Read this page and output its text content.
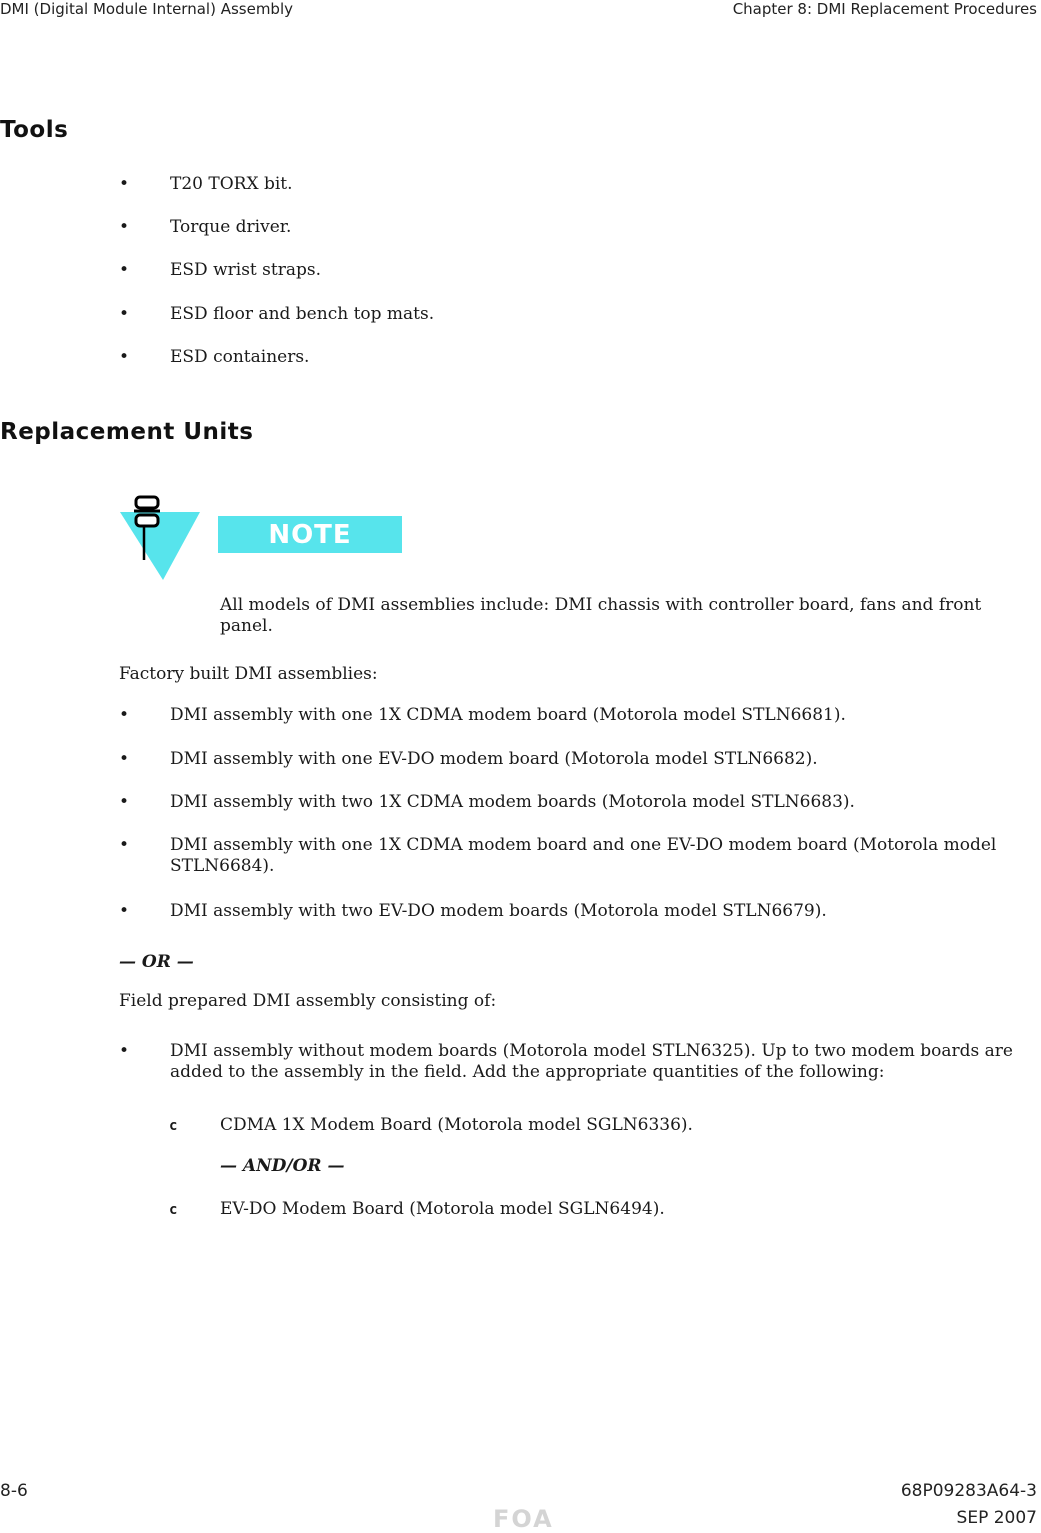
DMI (Digital Module Internal) Assembly	Chapter 8: DMI Replacement Procedures
Tools
• T20 TORX bit.
• Torque driver.
• ESD wrist straps.
• ESD floor and bench top mats.
• ESD containers.
Replacement Units
NOTE
All models of DMI assemblies include: DMI chassis with controller board, fans and front panel.
Factory built DMI assemblies:
• DMI assembly with one 1X CDMA modem board (Motorola model STLN6681).
• DMI assembly with one EV-DO modem board (Motorola model STLN6682).
• DMI assembly with two 1X CDMA modem boards (Motorola model STLN6683).
• DMI assembly with one 1X CDMA modem board and one EV-DO modem board (Motorola model STLN6684).
• DMI assembly with two EV-DO modem boards (Motorola model STLN6679).
— OR —
Field prepared DMI assembly consisting of:
• DMI assembly without modem boards (Motorola model STLN6325). Up to two modem boards are added to the assembly in the field. Add the appropriate quantities of the following:
c	CDMA 1X Modem Board (Motorola model SGLN6336).
— AND/OR —
c	EV-DO Modem Board (Motorola model SGLN6494).
8-6	68P09283A64-3
FOA	SEP 2007
